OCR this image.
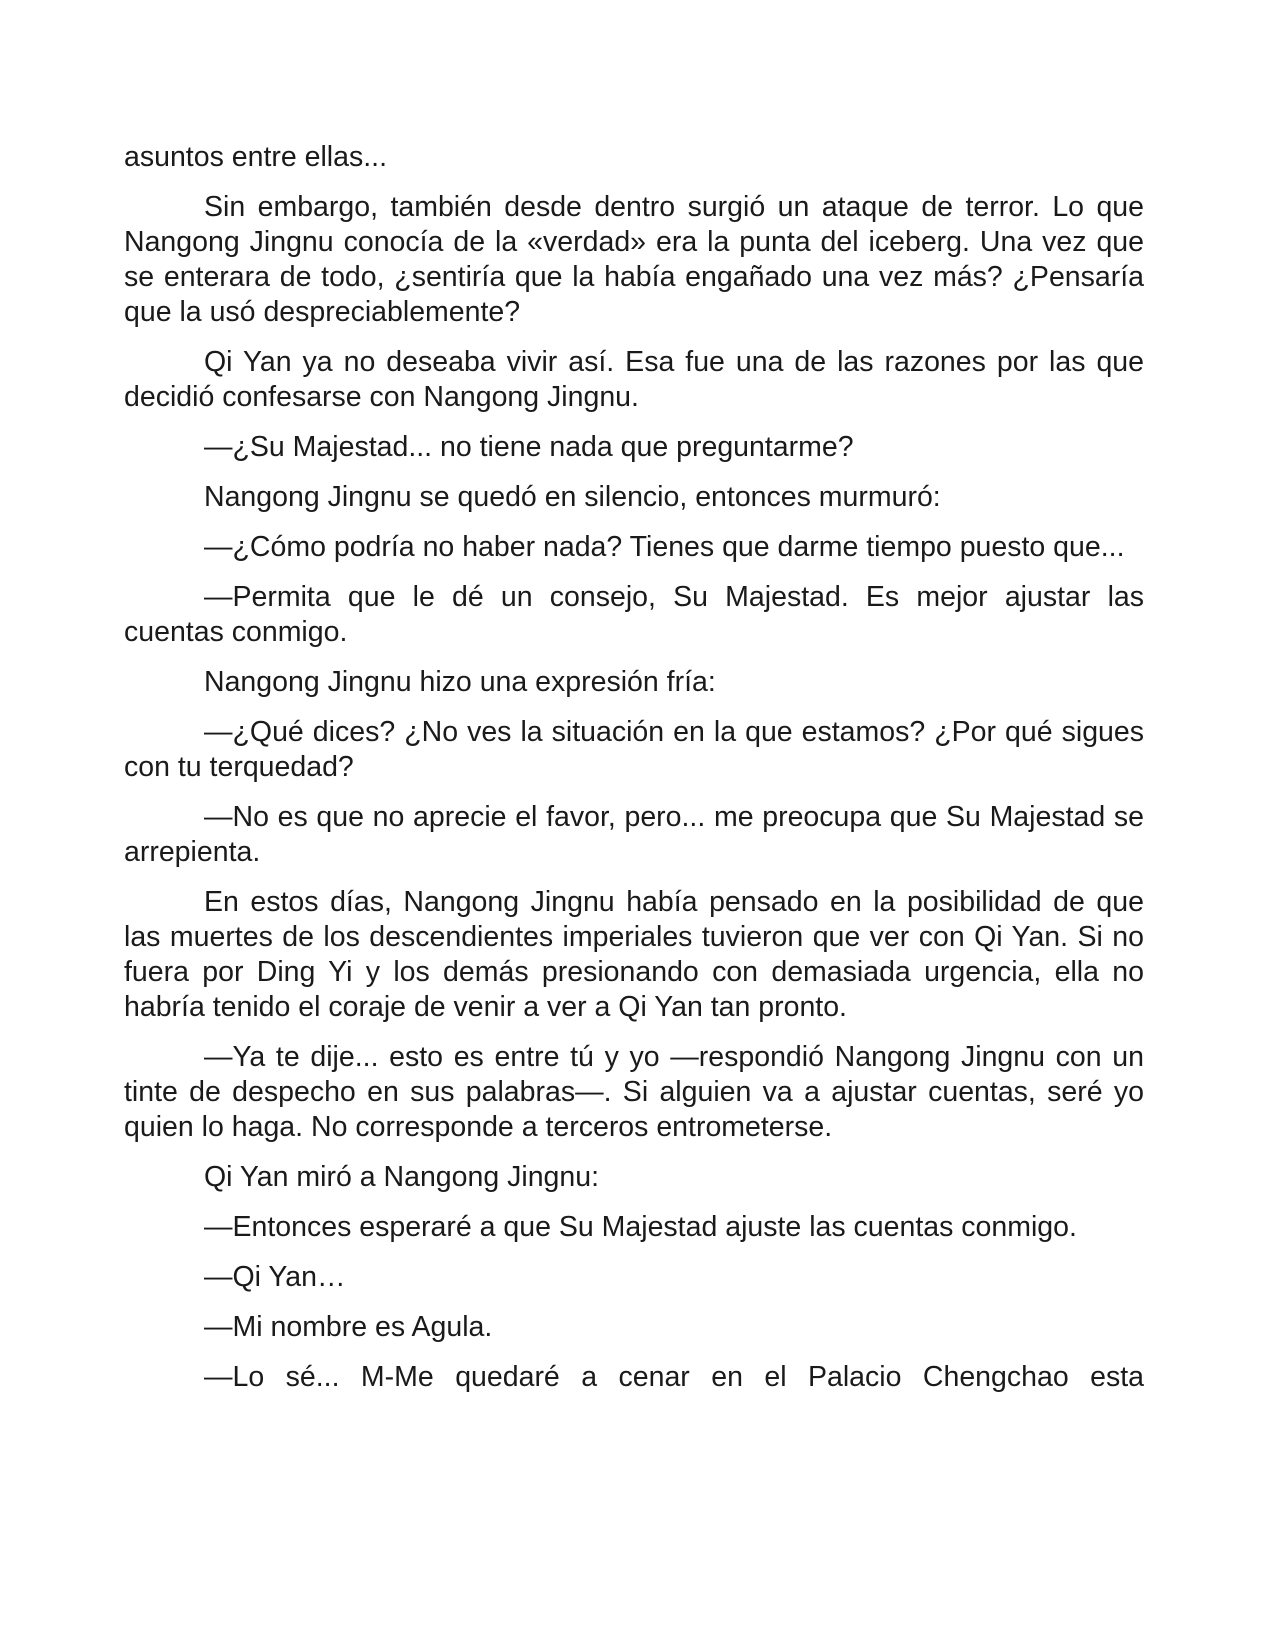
asuntos entre ellas...

Sin embargo, también desde dentro surgió un ataque de terror. Lo que Nangong Jingnu conocía de la «verdad» era la punta del iceberg. Una vez que se enterara de todo, ¿sentiría que la había engañado una vez más? ¿Pensaría que la usó despreciablemente?

Qi Yan ya no deseaba vivir así. Esa fue una de las razones por las que decidió confesarse con Nangong Jingnu.

—¿Su Majestad... no tiene nada que preguntarme?

Nangong Jingnu se quedó en silencio, entonces murmuró:

—¿Cómo podría no haber nada? Tienes que darme tiempo puesto que...

—Permita que le dé un consejo, Su Majestad. Es mejor ajustar las cuentas conmigo.

Nangong Jingnu hizo una expresión fría:

—¿Qué dices? ¿No ves la situación en la que estamos? ¿Por qué sigues con tu terquedad?

—No es que no aprecie el favor, pero... me preocupa que Su Majestad se arrepienta.

En estos días, Nangong Jingnu había pensado en la posibilidad de que las muertes de los descendientes imperiales tuvieron que ver con Qi Yan. Si no fuera por Ding Yi y los demás presionando con demasiada urgencia, ella no habría tenido el coraje de venir a ver a Qi Yan tan pronto.

—Ya te dije... esto es entre tú y yo —respondió Nangong Jingnu con un tinte de despecho en sus palabras—. Si alguien va a ajustar cuentas, seré yo quien lo haga. No corresponde a terceros entrometerse.

Qi Yan miró a Nangong Jingnu:

—Entonces esperaré a que Su Majestad ajuste las cuentas conmigo.

—Qi Yan…

—Mi nombre es Agula.

—Lo sé... M-Me quedaré a cenar en el Palacio Chengchao esta
